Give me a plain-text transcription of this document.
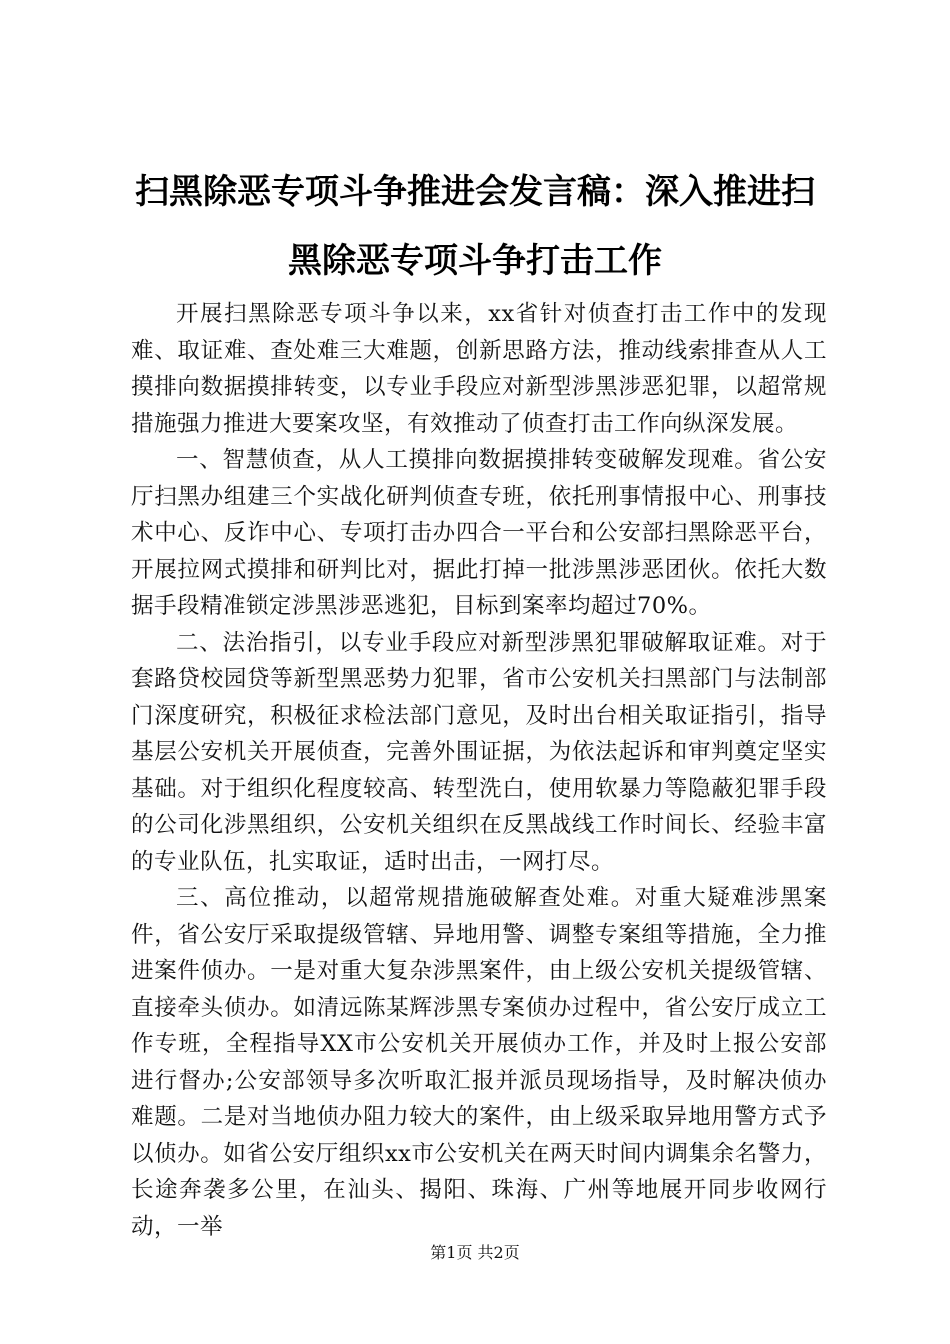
扫黑除恶专项斗争推进会发言稿：深入推进扫黑除恶专项斗争打击工作

开展扫黑除恶专项斗争以来，xx省针对侦查打击工作中的发现难、取证难、查处难三大难题，创新思路方法，推动线索排查从人工摸排向数据摸排转变，以专业手段应对新型涉黑涉恶犯罪，以超常规措施强力推进大要案攻坚，有效推动了侦查打击工作向纵深发展。

一、智慧侦查，从人工摸排向数据摸排转变破解发现难。省公安厅扫黑办组建三个实战化研判侦查专班，依托刑事情报中心、刑事技术中心、反诈中心、专项打击办四合一平台和公安部扫黑除恶平台，开展拉网式摸排和研判比对，据此打掉一批涉黑涉恶团伙。依托大数据手段精准锁定涉黑涉恶逃犯，目标到案率均超过70%。

二、法治指引，以专业手段应对新型涉黑犯罪破解取证难。对于套路贷校园贷等新型黑恶势力犯罪，省市公安机关扫黑部门与法制部门深度研究，积极征求检法部门意见，及时出台相关取证指引，指导基层公安机关开展侦查，完善外围证据，为依法起诉和审判奠定坚实基础。对于组织化程度较高、转型洗白，使用软暴力等隐蔽犯罪手段的公司化涉黑组织，公安机关组织在反黑战线工作时间长、经验丰富的专业队伍，扎实取证，适时出击，一网打尽。

三、高位推动，以超常规措施破解查处难。对重大疑难涉黑案件，省公安厅采取提级管辖、异地用警、调整专案组等措施，全力推进案件侦办。一是对重大复杂涉黑案件，由上级公安机关提级管辖、直接牵头侦办。如清远陈某辉涉黑专案侦办过程中，省公安厅成立工作专班，全程指导XX市公安机关开展侦办工作，并及时上报公安部进行督办;公安部领导多次听取汇报并派员现场指导，及时解决侦办难题。二是对当地侦办阻力较大的案件，由上级采取异地用警方式予以侦办。如省公安厅组织xx市公安机关在两天时间内调集余名警力，长途奔袭多公里，在汕头、揭阳、珠海、广州等地展开同步收网行动，一举

第1页 共2页
